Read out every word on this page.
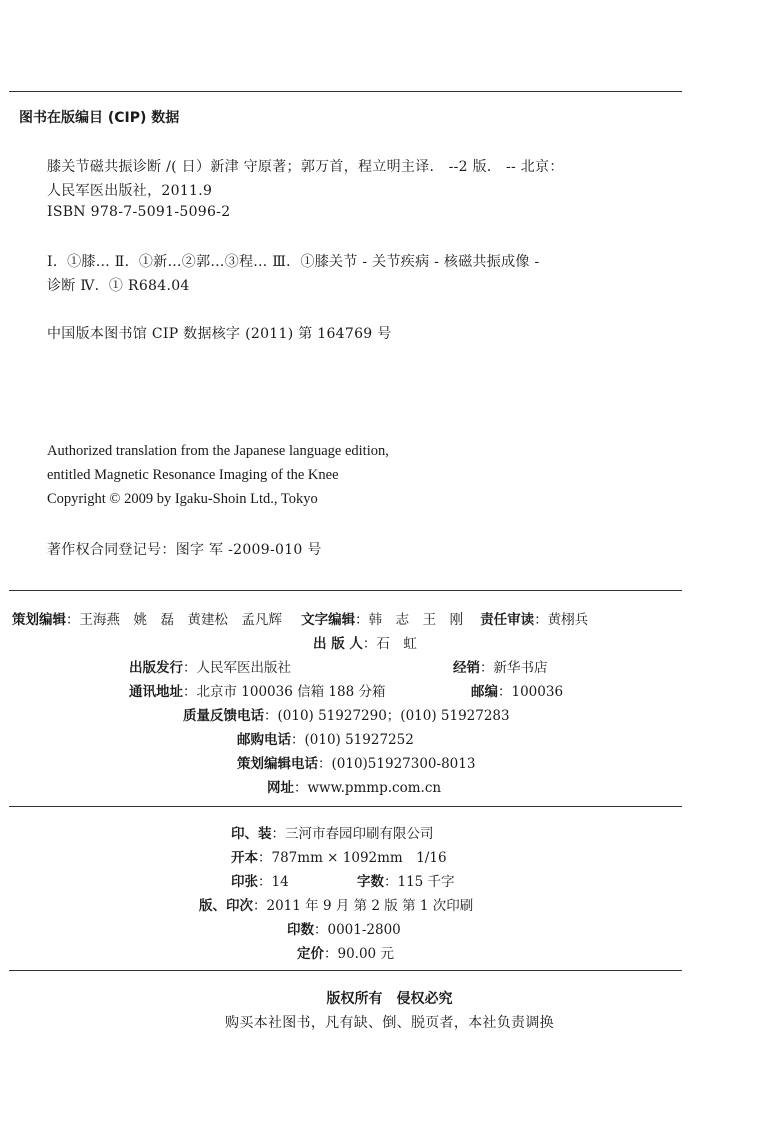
图书在版编目 (CIP) 数据

膝关节磁共振诊断 /( 日）新津 守原著；郭万首，程立明主译． --2 版． -- 北京：

人民军医出版社，2011.9

ISBN 978-7-5091-5096-2

Ⅰ．①膝… Ⅱ．①新…②郭…③程… Ⅲ．①膝关节 - 关节疾病 - 核磁共振成像 -

诊断 Ⅳ．① R684.04

中国版本图书馆 CIP 数据核字 (2011) 第 164769 号

Authorized translation from the Japanese language edition,

entitled Magnetic Resonance Imaging of the Knee

Copyright © 2009 by Igaku-Shoin Ltd., Tokyo

著作权合同登记号：图字 军 -2009-010 号

策划编辑：王海燕　姚　磊　黄建松　孟凡辉 文字编辑：韩　志　王　刚 责任审读：黄栩兵
出 版 人：石　虹
出版发行：人民军医出版社	经销：新华书店
通讯地址：北京市 100036 信箱 188 分箱	邮编：100036
质量反馈电话：(010) 51927290；(010) 51927283
邮购电话：(010) 51927252
策划编辑电话：(010)51927300-8013
网址：www.pmmp.com.cn
印、装：三河市春园印刷有限公司
开本：787mm × 1092mm　1/16
印张：14	字数：115 千字
版、印次：2011 年 9 月 第 2 版 第 1 次印刷
印数：0001-2800
定价：90.00 元

版权所有　侵权必究

购买本社图书，凡有缺、倒、脱页者，本社负责调换
